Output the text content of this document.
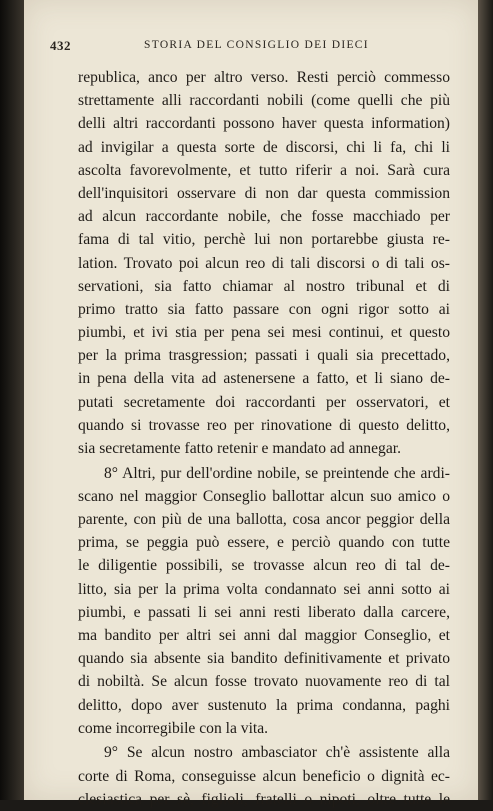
432	STORIA DEL CONSIGLIO DEI DIECI
republica, anco per altro verso. Resti perciò commesso
strettamente alli raccordanti nobili (come quelli che più
delli altri raccordanti possono haver questa information)
ad invigilar a questa sorte de discorsi, chi li fa, chi li
ascolta favorevolmente, et tutto riferir a noi. Sarà cura
dell'inquisitori osservare di non dar questa commission
ad alcun raccordante nobile, che fosse macchiado per
fama di tal vitio, perchè lui non portarebbe giusta re-
lation. Trovato poi alcun reo di tali discorsi o di tali os-
servationi, sia fatto chiamar al nostro tribunal et di
primo tratto sia fatto passare con ogni rigor sotto ai
piumbi, et ivi stia per pena sei mesi continui, et questo
per la prima trasgression; passati i quali sia precettado,
in pena della vita ad astenersene a fatto, et li siano de-
putati secretamente doi raccordanti per osservatori, et
quando si trovasse reo per rinovatione di questo delitto,
sia secretamente fatto retenir e mandato ad annegar.
8° Altri, pur dell'ordine nobile, se preintende che ardi-
scano nel maggior Conseglio ballottar alcun suo amico o
parente, con più de una ballotta, cosa ancor peggior della
prima, se peggia può essere, e perciò quando con tutte
le diligentie possibili, se trovasse alcun reo di tal de-
litto, sia per la prima volta condannato sei anni sotto ai
piumbi, e passati li sei anni resti liberato dalla carcere,
ma bandito per altri sei anni dal maggior Conseglio, et
quando sia absente sia bandito definitivamente et privato
di nobiltà. Se alcun fosse trovato nuovamente reo di tal
delitto, dopo aver sustenuto la prima condanna, paghi
come incorregibile con la vita.
9° Se alcun nostro ambasciator ch'è assistente alla
corte di Roma, conseguisse alcun beneficio o dignità ec-
clesiastica per sè, figlioli, fratelli o nipoti, oltre tutte le
